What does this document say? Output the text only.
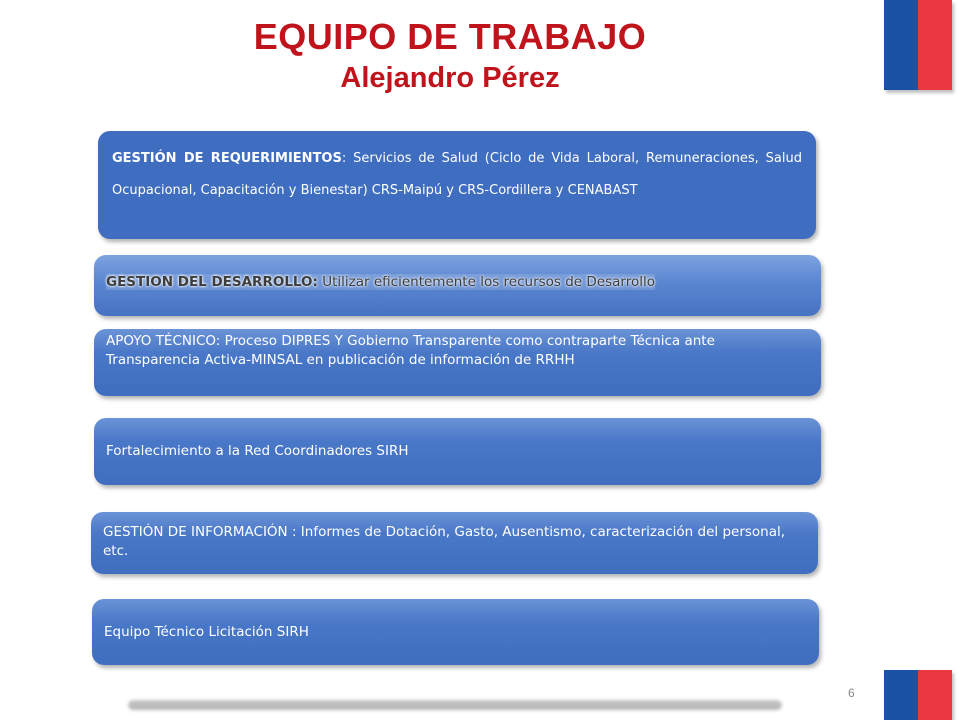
EQUIPO DE TRABAJO
Alejandro Pérez
GESTIÓN DE REQUERIMIENTOS: Servicios de Salud (Ciclo de Vida Laboral, Remuneraciones, Salud Ocupacional, Capacitación y Bienestar) CRS-Maipú y CRS-Cordillera y CENABAST
GESTION DEL DESARROLLO: Utilizar eficientemente los recursos de Desarrollo
APOYO TÉCNICO: Proceso DIPRES Y Gobierno Transparente como contraparte Técnica ante Transparencia Activa-MINSAL en publicación de información de RRHH
Fortalecimiento a la Red Coordinadores SIRH
GESTIÓN DE INFORMACIÓN : Informes de Dotación, Gasto, Ausentismo, caracterización del personal, etc.
Equipo Técnico Licitación SIRH
6
